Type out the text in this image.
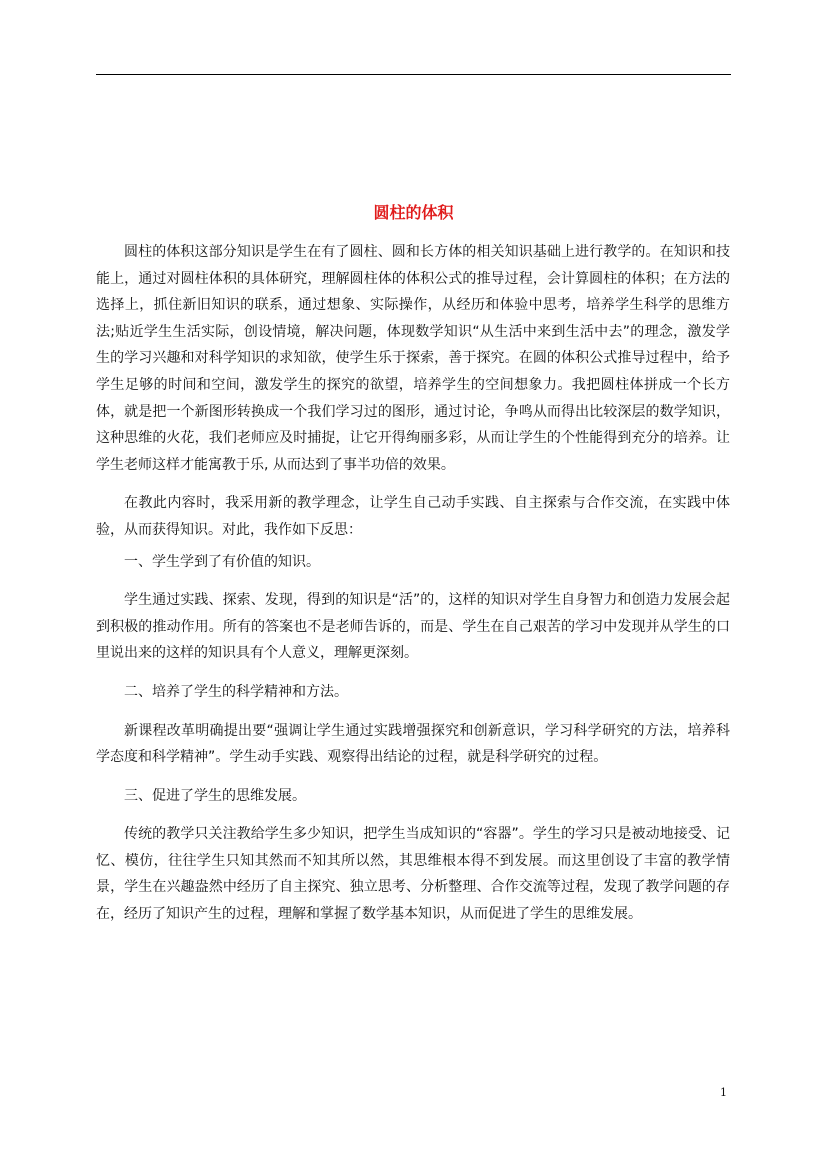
圆柱的体积

圆柱的体积这部分知识是学生在有了圆柱、圆和长方体的相关知识基础上进行教学的。在知识和技能上，通过对圆柱体积的具体研究，理解圆柱体的体积公式的推导过程，会计算圆柱的体积；在方法的选择上，抓住新旧知识的联系，通过想象、实际操作，从经历和体验中思考，培养学生科学的思维方法;贴近学生生活实际，创设情境，解决问题，体现数学知识“从生活中来到生活中去”的理念，激发学生的学习兴趣和对科学知识的求知欲，使学生乐于探索，善于探究。在圆的体积公式推导过程中，给予学生足够的时间和空间，激发学生的探究的欲望，培养学生的空间想象力。我把圆柱体拼成一个长方体，就是把一个新图形转换成一个我们学习过的图形，通过讨论，争鸣从而得出比较深层的数学知识，这种思维的火花，我们老师应及时捕捉，让它开得绚丽多彩，从而让学生的个性能得到充分的培养。让学生老师这样才能寓教于乐, 从而达到了事半功倍的效果。

在教此内容时，我采用新的教学理念，让学生自己动手实践、自主探索与合作交流，在实践中体验，从而获得知识。对此，我作如下反思：

一、学生学到了有价值的知识。

学生通过实践、探索、发现，得到的知识是“活”的，这样的知识对学生自身智力和创造力发展会起到积极的推动作用。所有的答案也不是老师告诉的，而是、学生在自己艰苦的学习中发现并从学生的口里说出来的这样的知识具有个人意义，理解更深刻。

二、培养了学生的科学精神和方法。

新课程改革明确提出要“强调让学生通过实践增强探究和创新意识，学习科学研究的方法，培养科学态度和科学精神”。学生动手实践、观察得出结论的过程，就是科学研究的过程。

三、促进了学生的思维发展。

传统的教学只关注教给学生多少知识，把学生当成知识的“容器”。学生的学习只是被动地接受、记忆、模仿，往往学生只知其然而不知其所以然，其思维根本得不到发展。而这里创设了丰富的教学情景，学生在兴趣盎然中经历了自主探究、独立思考、分析整理、合作交流等过程，发现了教学问题的存在，经历了知识产生的过程，理解和掌握了数学基本知识，从而促进了学生的思维发展。

1
